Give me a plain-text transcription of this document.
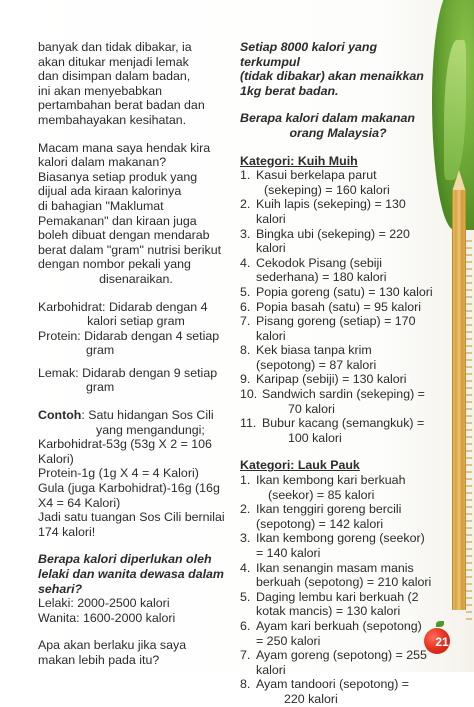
banyak dan tidak dibakar, ia

akan ditukar menjadi lemak

dan disimpan dalam badan,

ini akan menyebabkan

pertambahan berat badan dan

membahayakan kesihatan.

Macam mana saya hendak kira

kalori dalam makanan?

Biasanya setiap produk yang

dijual ada kiraan kalorinya

di bahagian "Maklumat

Pemakanan" dan kiraan juga

boleh dibuat dengan mendarab

berat dalam "gram" nutrisi berikut

dengan nombor pekali yang

disenaraikan.

Karbohidrat: Didarab dengan 4

kalori setiap gram

Protein: Didarab dengan 4 setiap

gram

Lemak: Didarab dengan 9 setiap

gram

Contoh: Satu hidangan Sos Cili

yang mengandungi;

Karbohidrat-53g (53g X 2 = 106

Kalori)

Protein-1g (1g X 4 = 4 Kalori)

Gula (juga Karbohidrat)-16g (16g

X4 = 64 Kalori)

Jadi satu tuangan Sos Cili bernilai

174 kalori!

Berapa kalori diperlukan oleh

lelaki dan wanita dewasa dalam

sehari?

Lelaki: 2000-2500 kalori

Wanita: 1600-2000 kalori

Apa akan berlaku jika saya

makan lebih pada itu?

Setiap 8000 kalori yang terkumpul

(tidak dibakar) akan menaikkan

1kg berat badan.

Berapa kalori dalam makanan

orang Malaysia?

Kategori: Kuih Muih

1. Kasui berkelapa parut
(sekeping) = 160 kalori
2. Kuih lapis (sekeping) = 130 kalori
3. Bingka ubi (sekeping) = 220
kalori
4. Cekodok Pisang (sebiji
sederhana) = 180 kalori
5. Popia goreng (satu) = 130 kalori
6. Popia basah (satu) = 95 kalori
7. Pisang goreng (setiap) = 170
kalori
8. Kek biasa tanpa krim
(sepotong) = 87 kalori
9. Karipap (sebiji) = 130 kalori
10. Sandwich sardin (sekeping) =
70 kalori
11. Bubur kacang (semangkuk) =
100 kalori

Kategori: Lauk Pauk

1. Ikan kembong kari berkuah
(seekor) = 85 kalori
2. Ikan tenggiri goreng bercili
(sepotong) = 142 kalori
3. Ikan kembong goreng (seekor)
= 140 kalori
4. Ikan senangin masam manis
berkuah (sepotong) = 210 kalori
5. Daging lembu kari berkuah (2
kotak mancis) = 130 kalori
6. Ayam kari berkuah (sepotong)
= 250 kalori
7. Ayam goreng (sepotong) = 255
kalori
8. Ayam tandoori (sepotong) =
220 kalori
21
